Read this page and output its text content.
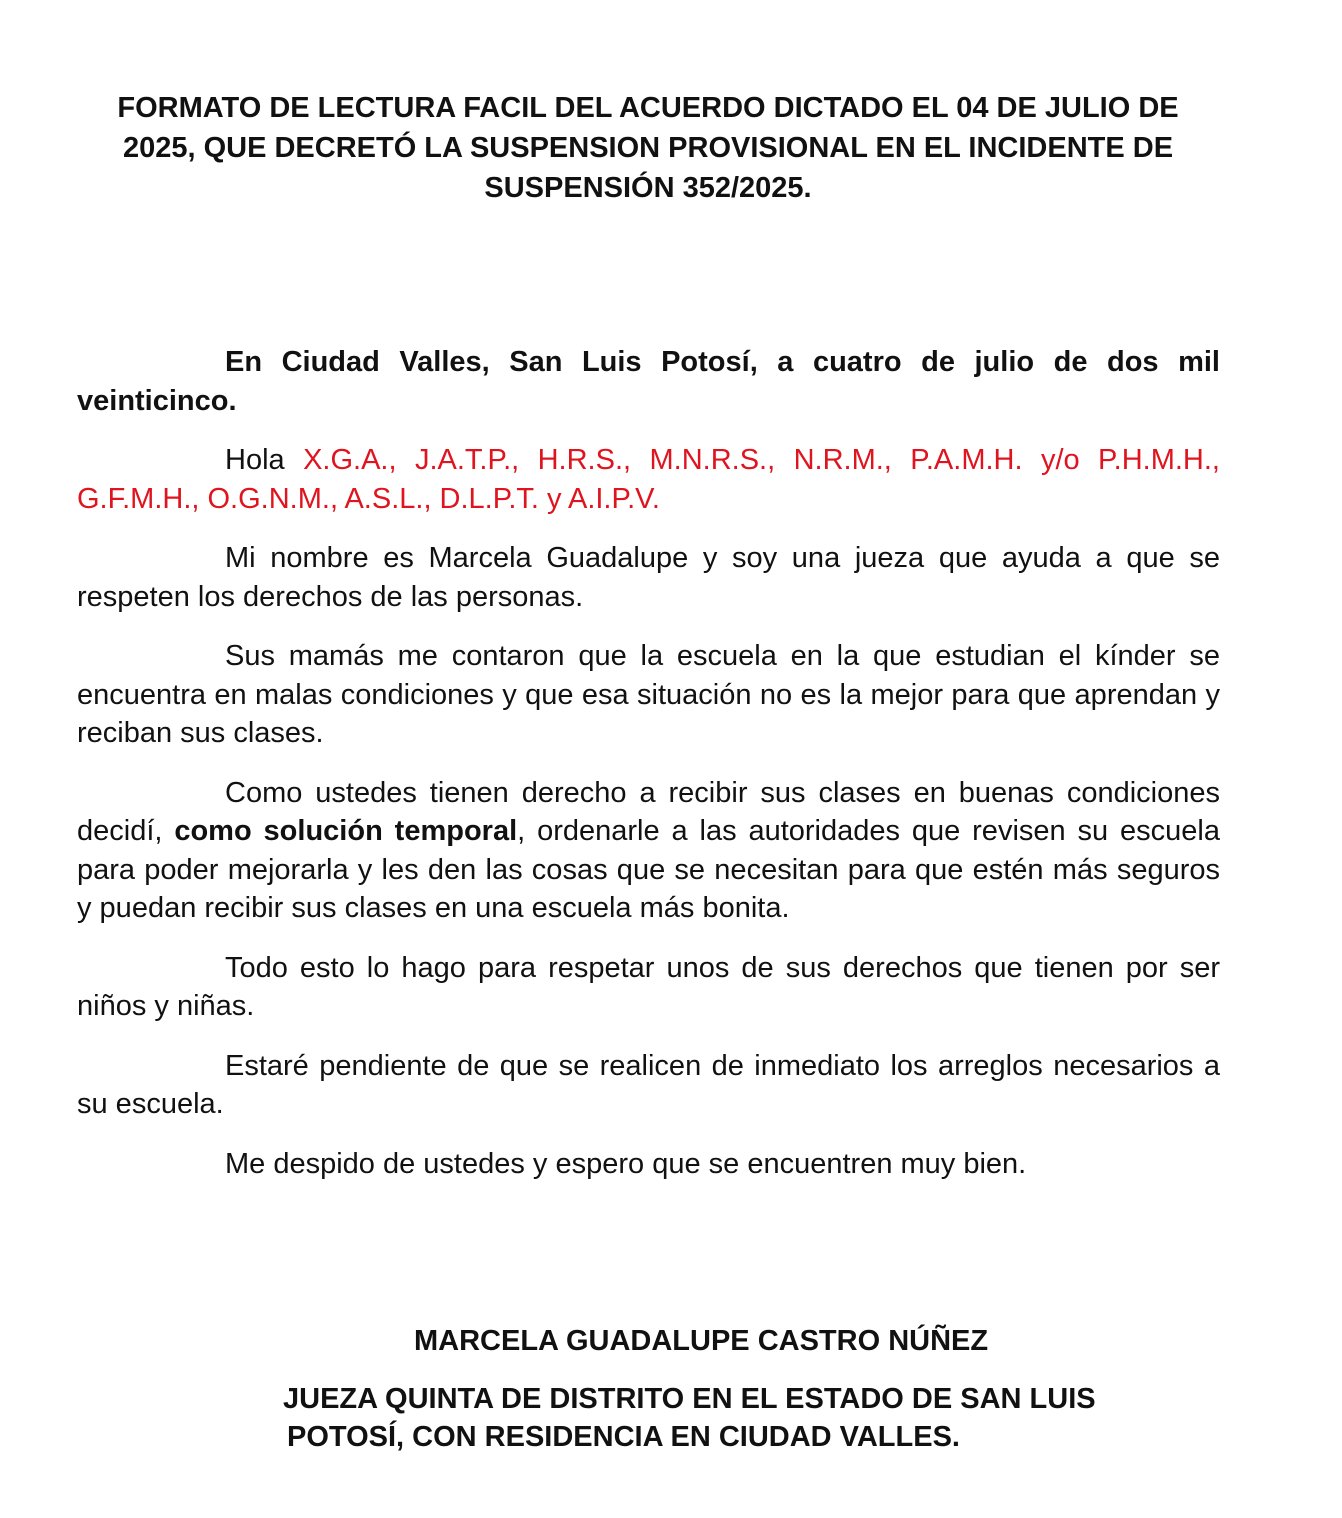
FORMATO DE LECTURA FACIL DEL ACUERDO DICTADO EL 04 DE JULIO DE 2025, QUE DECRETÓ LA SUSPENSION PROVISIONAL EN EL INCIDENTE DE SUSPENSIÓN 352/2025.

En Ciudad Valles, San Luis Potosí, a cuatro de julio de dos mil veinticinco.

Hola X.G.A., J.A.T.P., H.R.S., M.N.R.S., N.R.M., P.A.M.H. y/o P.H.M.H., G.F.M.H., O.G.N.M., A.S.L., D.L.P.T. y A.I.P.V.

Mi nombre es Marcela Guadalupe y soy una jueza que ayuda a que se respeten los derechos de las personas.

Sus mamás me contaron que la escuela en la que estudian el kínder se encuentra en malas condiciones y que esa situación no es la mejor para que aprendan y reciban sus clases.

Como ustedes tienen derecho a recibir sus clases en buenas condiciones decidí, como solución temporal, ordenarle a las autoridades que revisen su escuela para poder mejorarla y les den las cosas que se necesitan para que estén más seguros y puedan recibir sus clases en una escuela más bonita.

Todo esto lo hago para respetar unos de sus derechos que tienen por ser niños y niñas.

Estaré pendiente de que se realicen de inmediato los arreglos necesarios a su escuela.

Me despido de ustedes y espero que se encuentren muy bien.

MARCELA GUADALUPE CASTRO NÚÑEZ

JUEZA QUINTA DE DISTRITO EN EL ESTADO DE SAN LUIS
POTOSÍ, CON RESIDENCIA EN CIUDAD VALLES.
